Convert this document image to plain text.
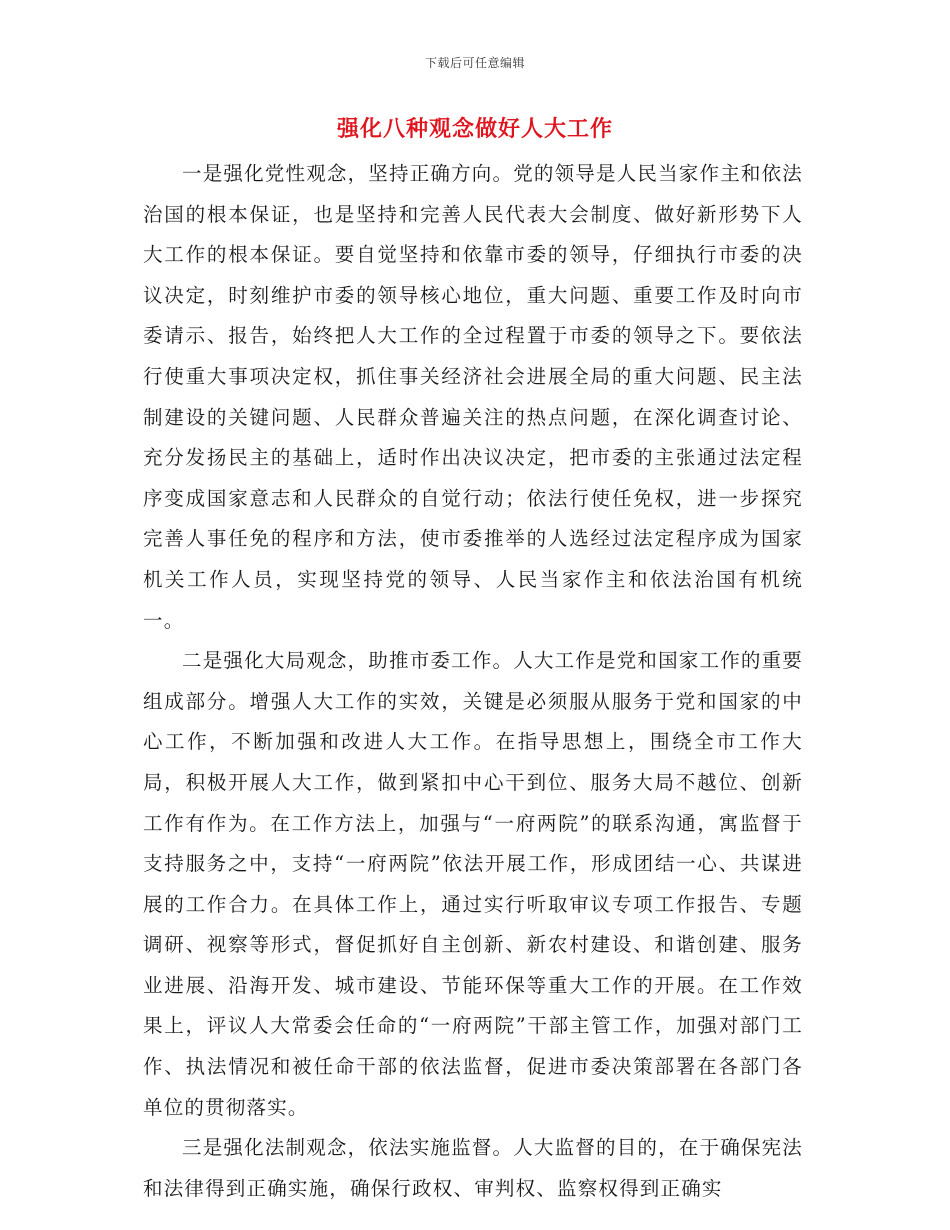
下载后可任意编辑
强化八种观念做好人大工作

一是强化党性观念，坚持正确方向。党的领导是人民当家作主和依法治国的根本保证，也是坚持和完善人民代表大会制度、做好新形势下人大工作的根本保证。要自觉坚持和依靠市委的领导，仔细执行市委的决议决定，时刻维护市委的领导核心地位，重大问题、重要工作及时向市委请示、报告，始终把人大工作的全过程置于市委的领导之下。要依法行使重大事项决定权，抓住事关经济社会进展全局的重大问题、民主法制建设的关键问题、人民群众普遍关注的热点问题，在深化调查讨论、充分发扬民主的基础上，适时作出决议决定，把市委的主张通过法定程序变成国家意志和人民群众的自觉行动；依法行使任免权，进一步探究完善人事任免的程序和方法，使市委推举的人选经过法定程序成为国家机关工作人员，实现坚持党的领导、人民当家作主和依法治国有机统一。

二是强化大局观念，助推市委工作。人大工作是党和国家工作的重要组成部分。增强人大工作的实效，关键是必须服从服务于党和国家的中心工作，不断加强和改进人大工作。在指导思想上，围绕全市工作大局，积极开展人大工作，做到紧扣中心干到位、服务大局不越位、创新工作有作为。在工作方法上，加强与“一府两院”的联系沟通，寓监督于支持服务之中，支持“一府两院”依法开展工作，形成团结一心、共谋进展的工作合力。在具体工作上，通过实行听取审议专项工作报告、专题调研、视察等形式，督促抓好自主创新、新农村建设、和谐创建、服务业进展、沿海开发、城市建设、节能环保等重大工作的开展。在工作效果上，评议人大常委会任命的“一府两院”干部主管工作，加强对部门工作、执法情况和被任命干部的依法监督，促进市委决策部署在各部门各单位的贯彻落实。

三是强化法制观念，依法实施监督。人大监督的目的，在于确保宪法和法律得到正确实施，确保行政权、审判权、监察权得到正确实
